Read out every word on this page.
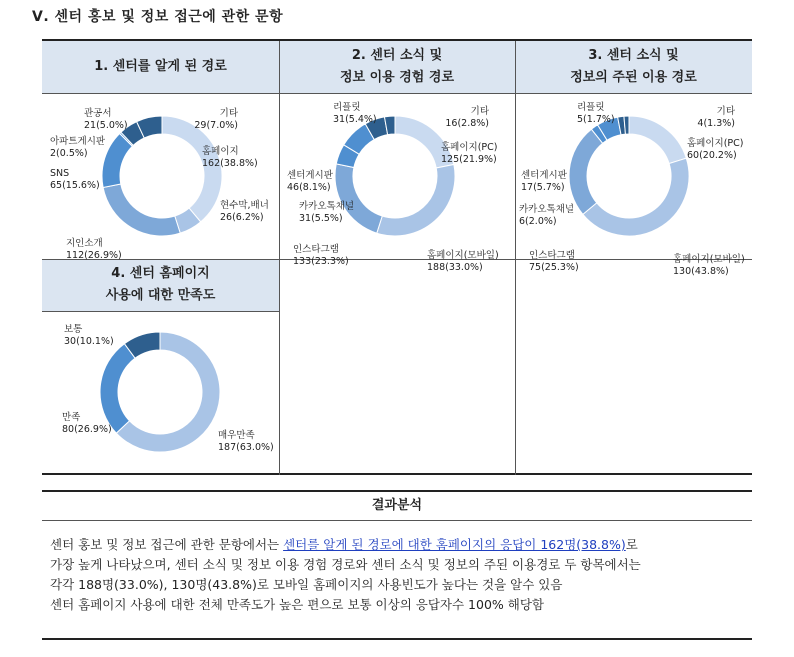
Ⅴ. 센터 홍보 및 정보 접근에 관한 문항
1. 센터를 알게 된 경로
2. 센터 소식 및
정보 이용 경험 경로
3. 센터 소식 및
정보의 주된 이용 경로
4. 센터 홈페이지
사용에 대한 만족도
홈페이지
162(38.8%)
현수막,배너
26(6.2%)
지인소개
112(26.9%)
SNS
65(15.6%)
아파트게시판
2(0.5%)
관공서
21(5.0%)
기타
29(7.0%)
홈페이지(PC)
125(21.9%)
홈페이지(모바일)
188(33.0%)
인스타그램
133(23.3%)
카카오톡채널
31(5.5%)
센터게시판
46(8.1%)
리플릿
31(5.4%)
기타
16(2.8%)
홈페이지(PC)
60(20.2%)
홈페이지(모바일)
130(43.8%)
인스타그램
75(25.3%)
카카오톡채널
6(2.0%)
센터게시판
17(5.7%)
리플릿
5(1.7%)
기타
4(1.3%)
매우만족
187(63.0%)
만족
80(26.9%)
보통
30(10.1%)
결과분석

센터 홍보 및 정보 접근에 관한 문항에서는 센터를 알게 된 경로에 대한 홈페이지의 응답이 162명(38.8%)로

가장 높게 나타났으며, 센터 소식 및 정보 이용 경험 경로와 센터 소식 및 정보의 주된 이용경로 두 항목에서는

각각 188명(33.0%), 130명(43.8%)로 모바일 홈페이지의 사용빈도가 높다는 것을 알수 있음

센터 홈페이지 사용에 대한 전체 만족도가 높은 편으로 보통 이상의 응답자수 100% 해당함
